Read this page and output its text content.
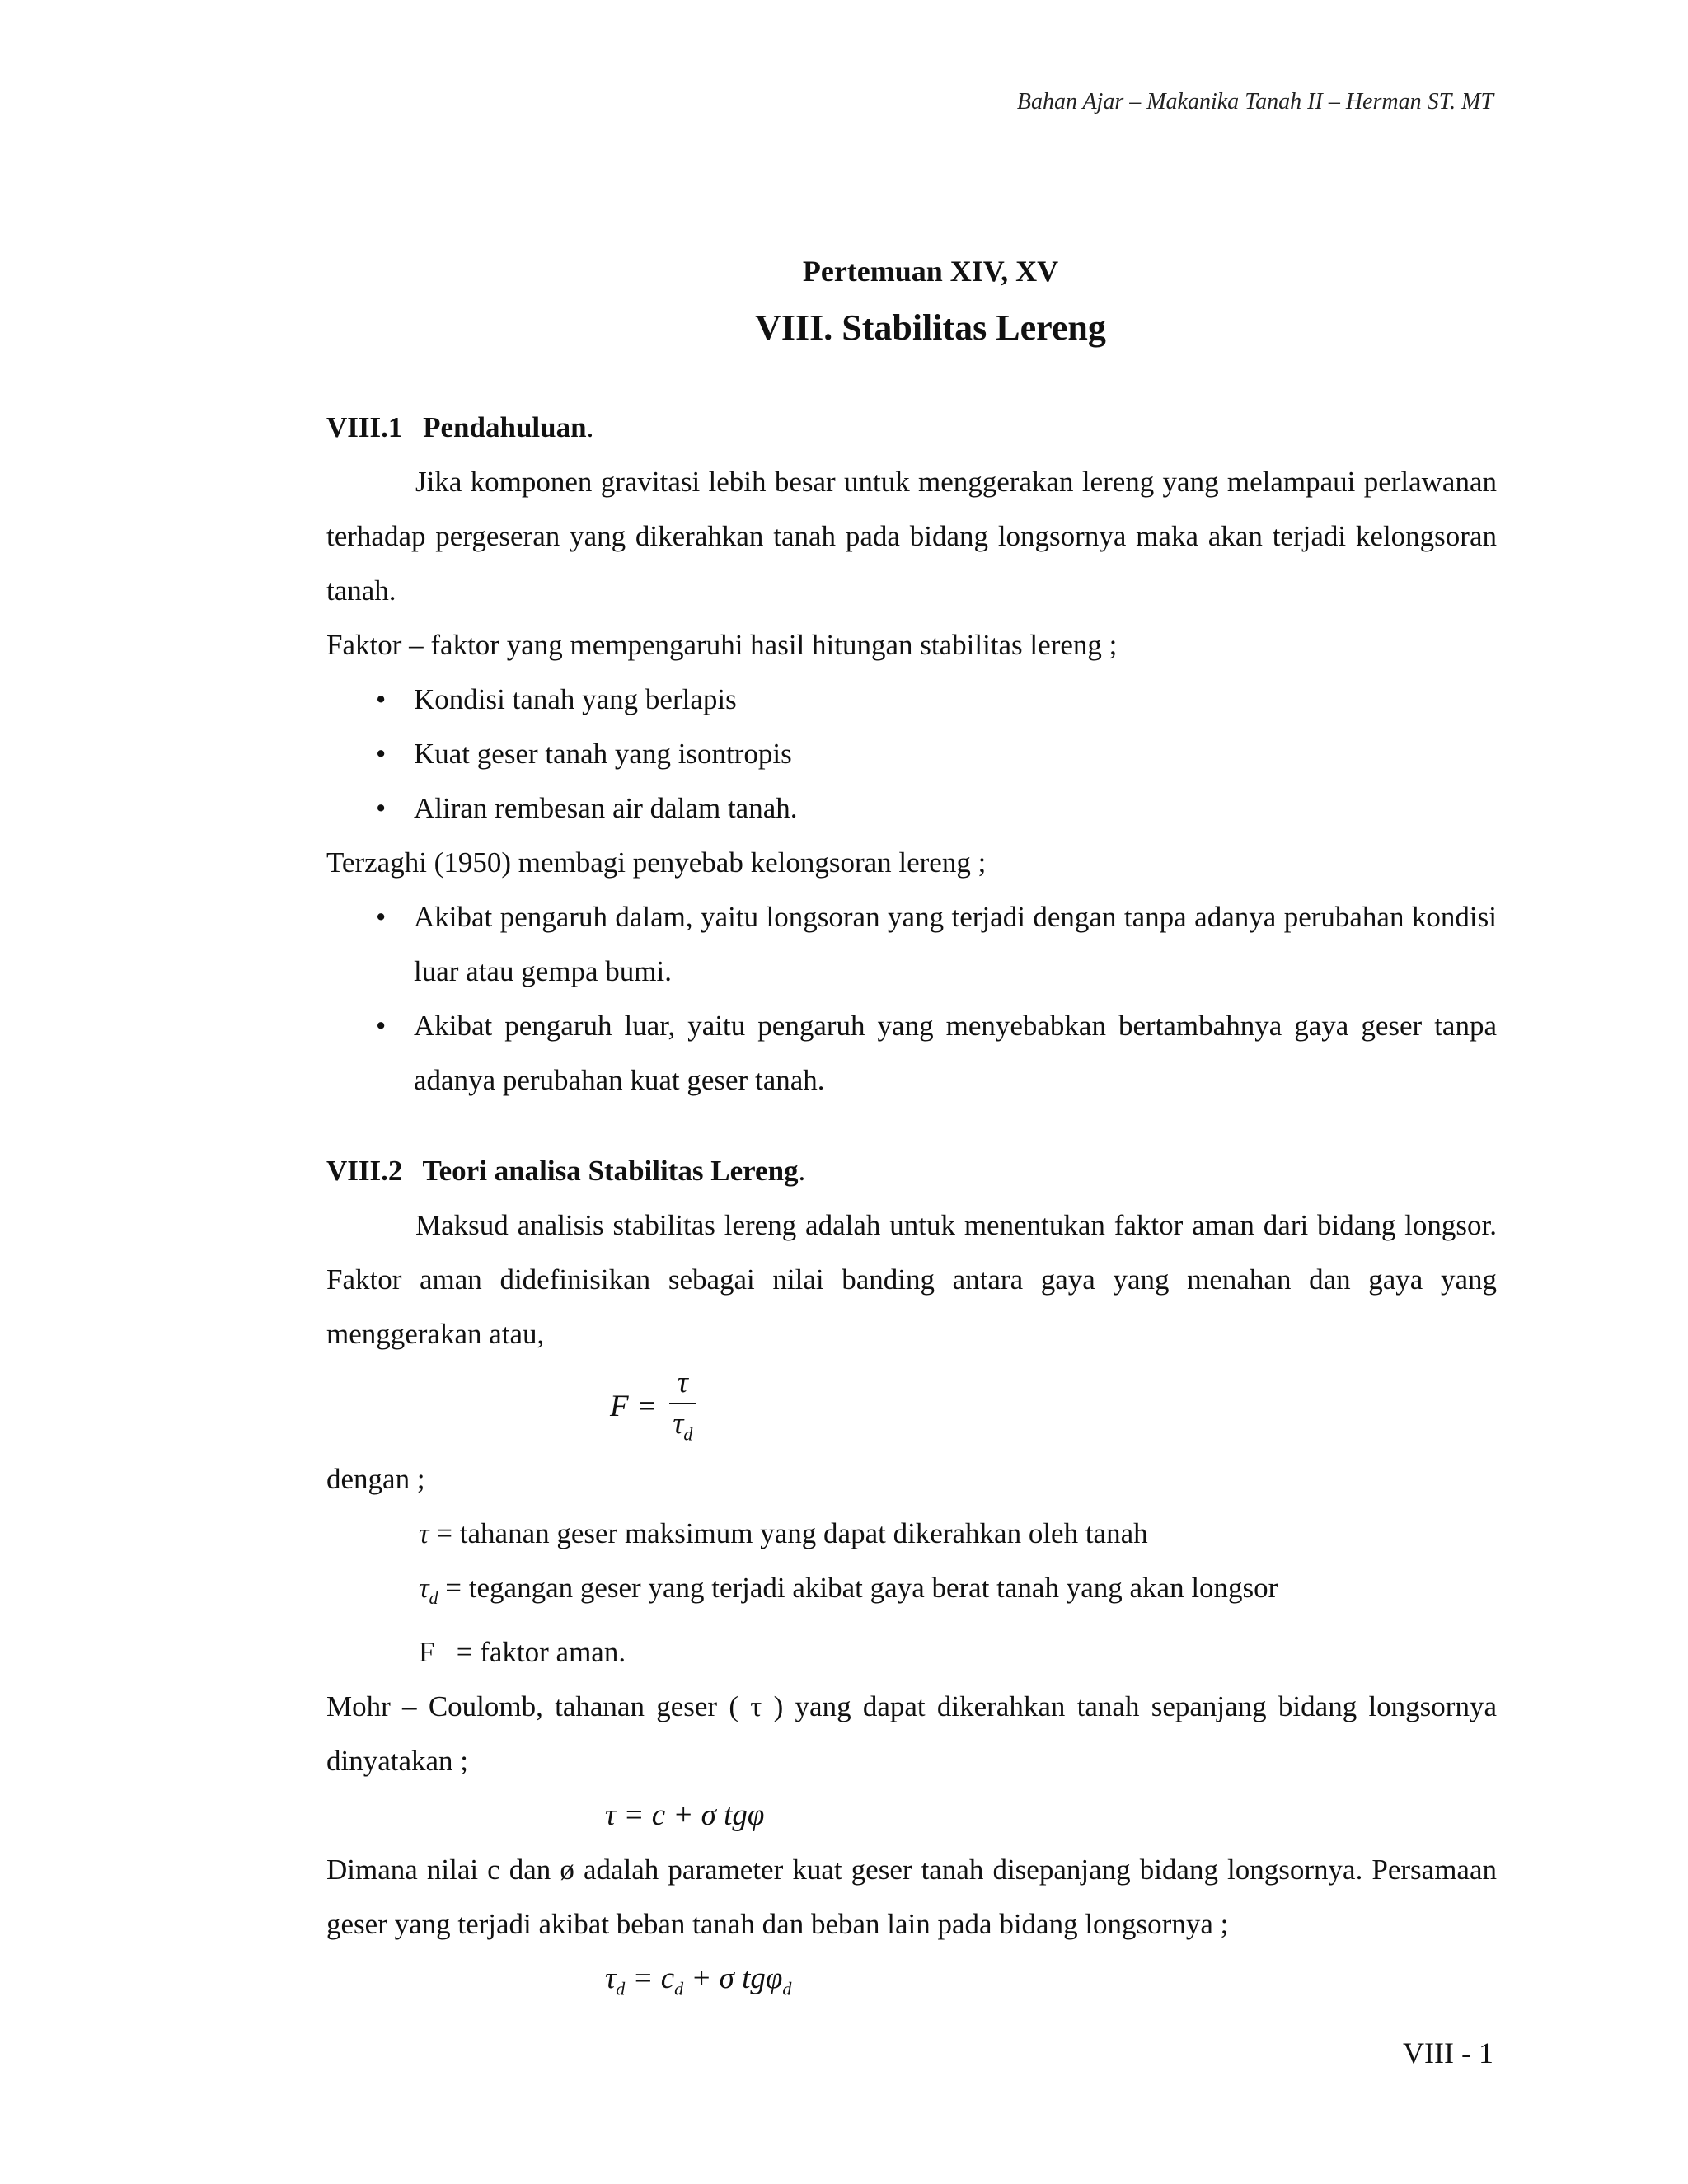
Bahan Ajar – Makanika Tanah II – Herman ST. MT
Pertemuan XIV, XV
VIII. Stabilitas Lereng
VIII.1 Pendahuluan.

Jika komponen gravitasi lebih besar untuk menggerakan lereng yang melampaui perlawanan terhadap pergeseran yang dikerahkan tanah pada bidang longsornya maka akan terjadi kelongsoran tanah.

Faktor – faktor yang mempengaruhi hasil hitungan stabilitas lereng ;

• Kondisi tanah yang berlapis
• Kuat geser tanah yang isontropis
• Aliran rembesan air dalam tanah.

Terzaghi (1950) membagi penyebab kelongsoran lereng ;

• Akibat pengaruh dalam, yaitu longsoran yang terjadi dengan tanpa adanya perubahan kondisi luar atau gempa bumi.
• Akibat pengaruh luar, yaitu pengaruh yang menyebabkan bertambahnya gaya geser tanpa adanya perubahan kuat geser tanah.
VIII.2 Teori analisa Stabilitas Lereng.

Maksud analisis stabilitas lereng adalah untuk menentukan faktor aman dari bidang longsor. Faktor aman didefinisikan sebagai nilai banding antara gaya yang menahan dan gaya yang menggerakan atau,

$F = \frac{\tau}{\tau_d}$

dengan ;

τ = tahanan geser maksimum yang dapat dikerahkan oleh tanah
$\tau_d$ = tegangan geser yang terjadi akibat gaya berat tanah yang akan longsor
F   = faktor aman.

Mohr – Coulomb, tahanan geser ( τ ) yang dapat dikerahkan tanah sepanjang bidang longsornya dinyatakan ;

τ = c + σ tgφ

Dimana nilai c dan ø adalah parameter kuat geser tanah disepanjang bidang longsornya. Persamaan geser yang terjadi akibat beban tanah dan beban lain pada bidang longsornya ;

$\tau_d = c_d + \sigma$ tgφ$_d$
VIII - 1
